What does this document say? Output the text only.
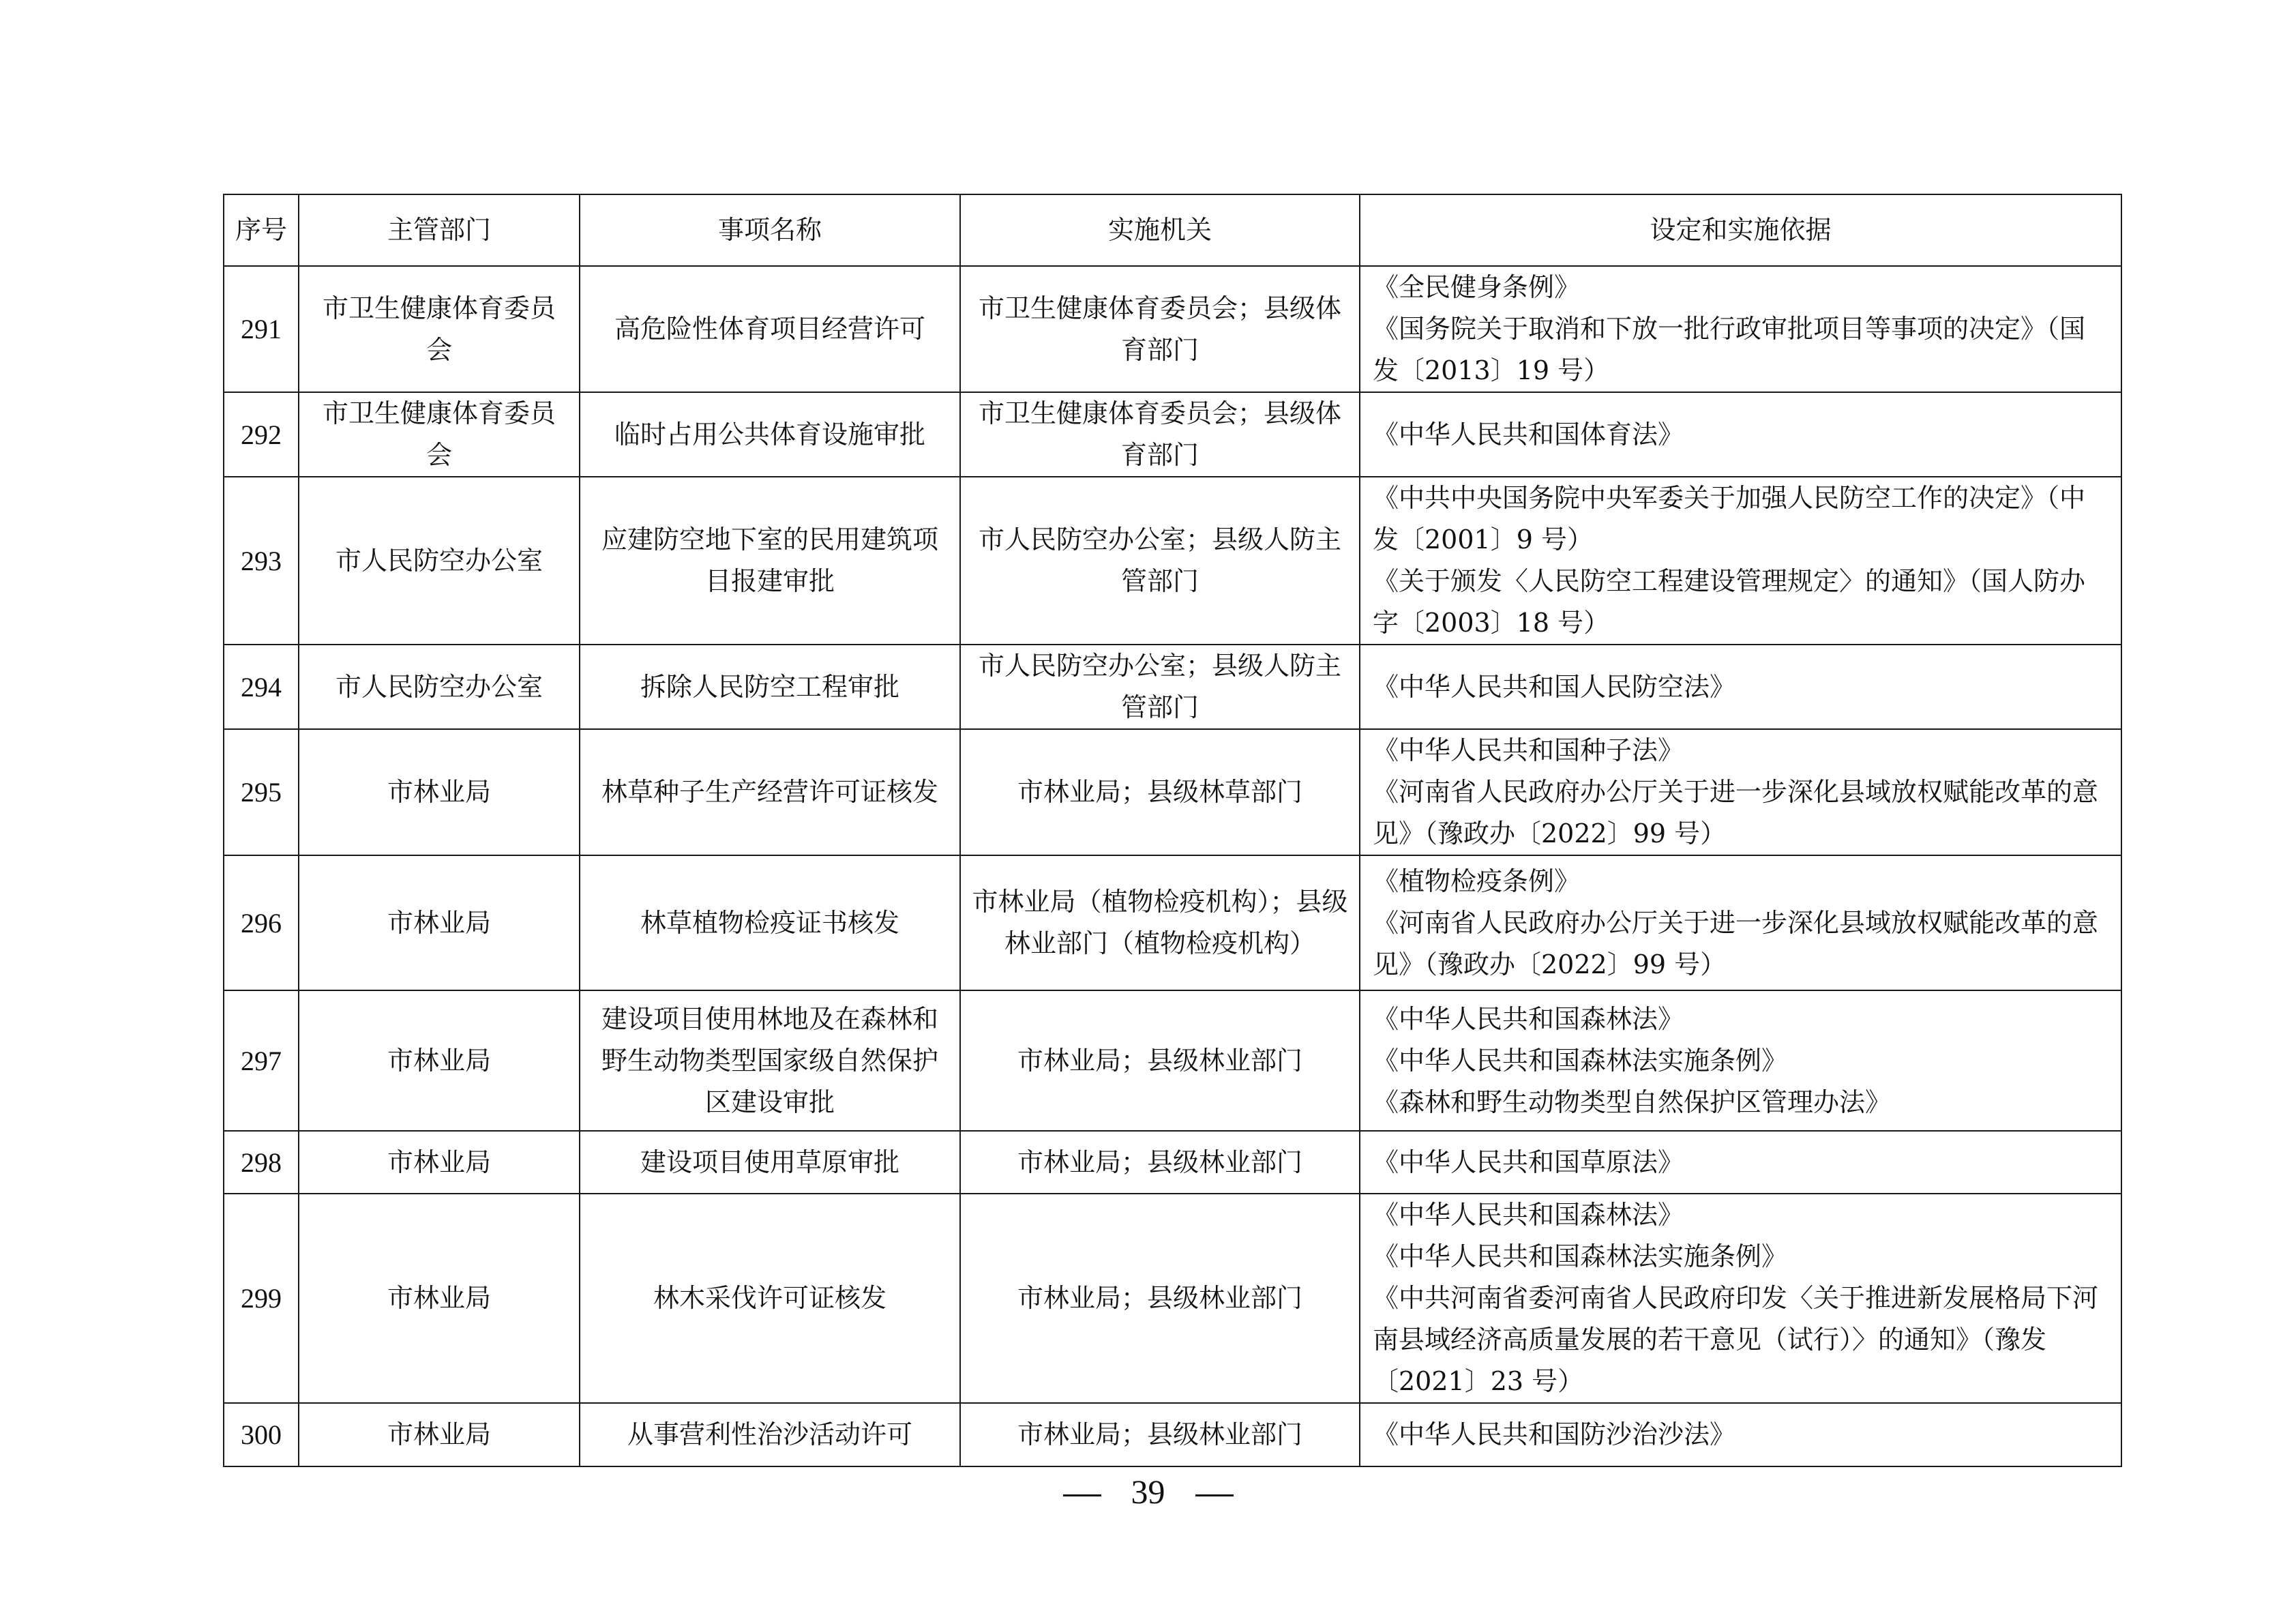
序号	主管部门	事项名称	实施机关	设定和实施依据
291	市卫生健康体育委员会	高危险性体育项目经营许可	市卫生健康体育委员会；县级体育部门	《全民健身条例》
《国务院关于取消和下放一批行政审批项目等事项的决定》（国发〔2013〕19 号）

292	市卫生健康体育委员会	临时占用公共体育设施审批	市卫生健康体育委员会；县级体育部门	《中华人民共和国体育法》

293	市人民防空办公室	应建防空地下室的民用建筑项目报建审批	市人民防空办公室；县级人防主管部门	《中共中央国务院中央军委关于加强人民防空工作的决定》（中发〔2001〕9 号）
《关于颁发〈人民防空工程建设管理规定〉的通知》（国人防办字〔2003〕18 号）

294	市人民防空办公室	拆除人民防空工程审批	市人民防空办公室；县级人防主管部门	《中华人民共和国人民防空法》

295	市林业局	林草种子生产经营许可证核发	市林业局；县级林草部门	《中华人民共和国种子法》
《河南省人民政府办公厅关于进一步深化县域放权赋能改革的意见》（豫政办〔2022〕99 号）

296	市林业局	林草植物检疫证书核发	市林业局（植物检疫机构）；县级林业部门（植物检疫机构）	《植物检疫条例》
《河南省人民政府办公厅关于进一步深化县域放权赋能改革的意见》（豫政办〔2022〕99 号）

297	市林业局	建设项目使用林地及在森林和野生动物类型国家级自然保护区建设审批	市林业局；县级林业部门	《中华人民共和国森林法》
《中华人民共和国森林法实施条例》
《森林和野生动物类型自然保护区管理办法》

298	市林业局	建设项目使用草原审批	市林业局；县级林业部门	《中华人民共和国草原法》

299	市林业局	林木采伐许可证核发	市林业局；县级林业部门	《中华人民共和国森林法》
《中华人民共和国森林法实施条例》
《中共河南省委河南省人民政府印发〈关于推进新发展格局下河南县域经济高质量发展的若干意见（试行）〉的通知》（豫发〔2021〕23 号）

300	市林业局	从事营利性治沙活动许可	市林业局；县级林业部门	《中华人民共和国防沙治沙法》
39
